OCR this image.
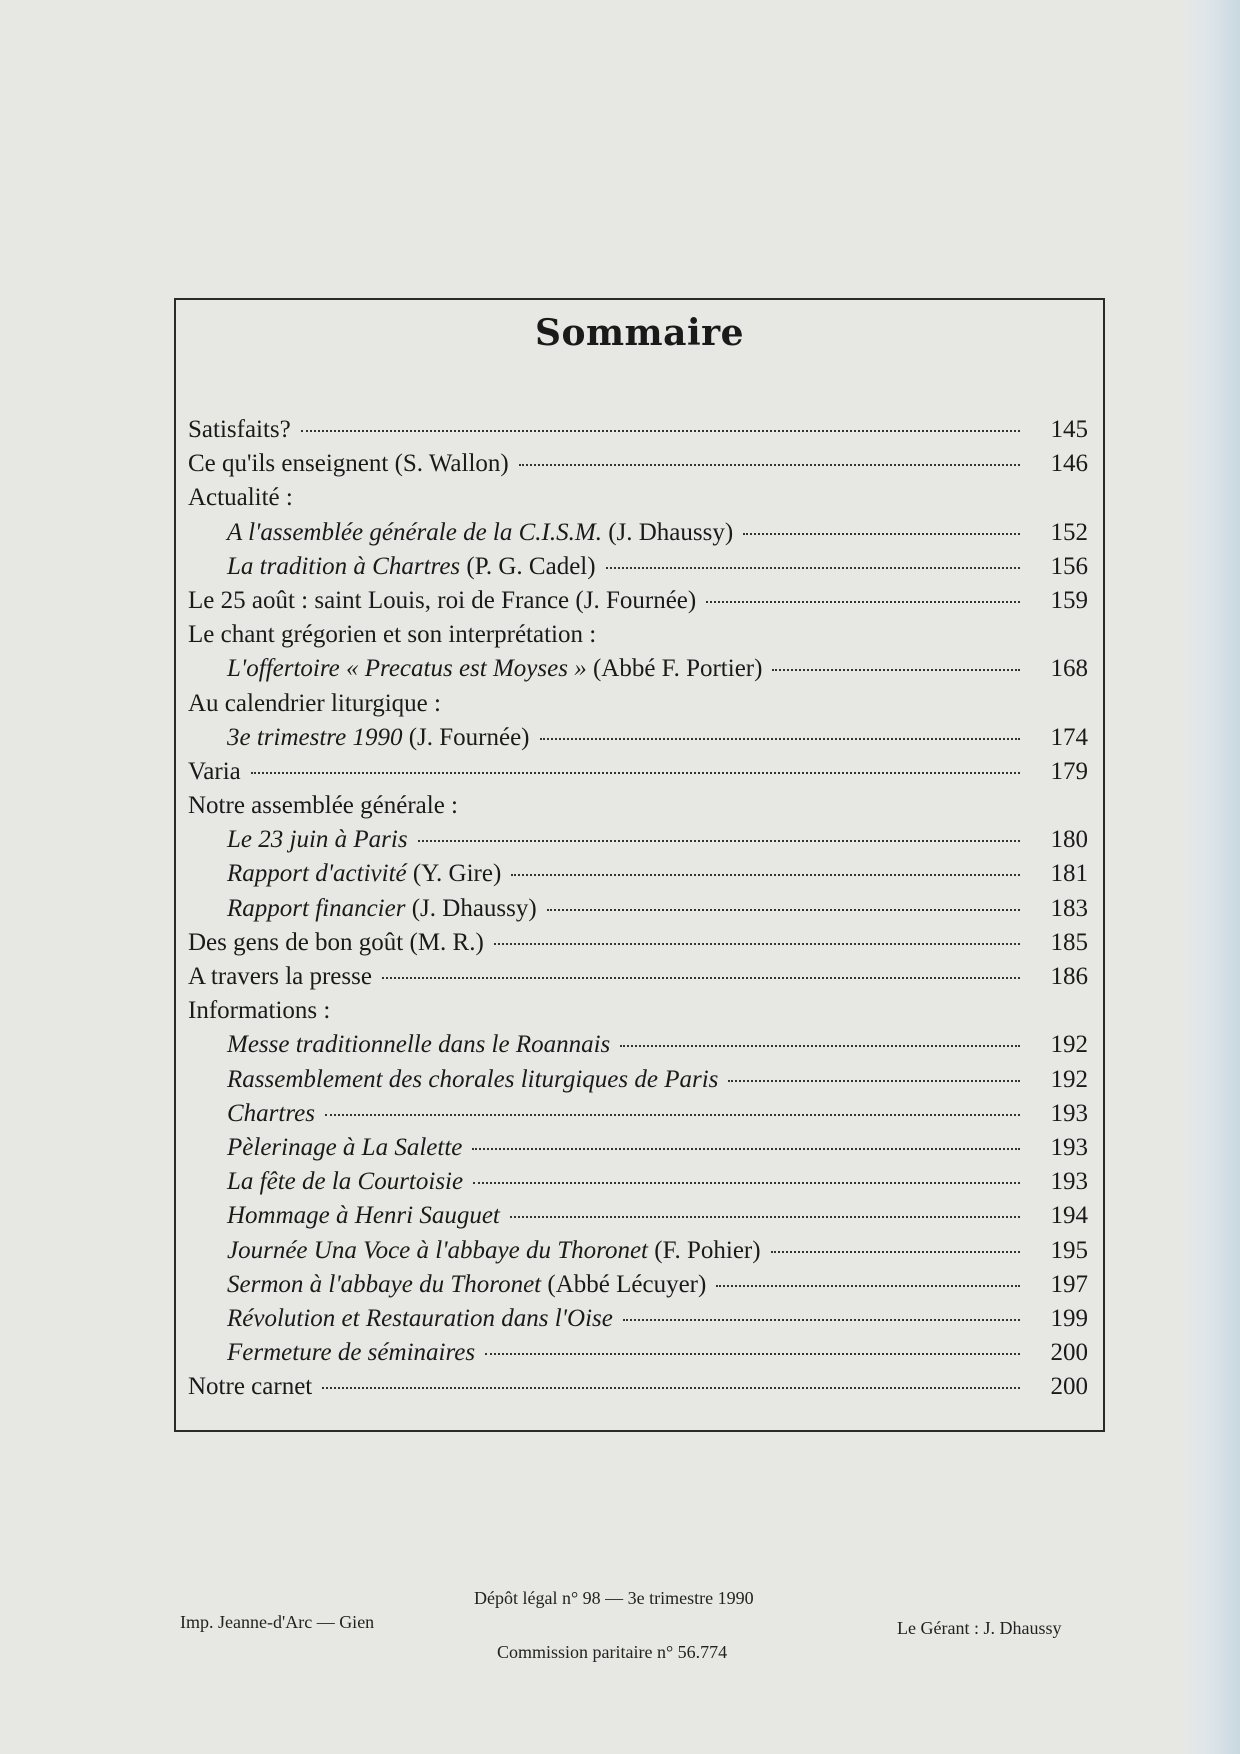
Sommaire
Satisfaits?	145
Ce qu'ils enseignent (S. Wallon)	146
Actualité :
A l'assemblée générale de la C.I.S.M. (J. Dhaussy)	152
La tradition à Chartres (P. G. Cadel)	156
Le 25 août : saint Louis, roi de France (J. Fournée)	159
Le chant grégorien et son interprétation :
L'offertoire « Precatus est Moyses » (Abbé F. Portier)	168
Au calendrier liturgique :
3e trimestre 1990 (J. Fournée)	174
Varia	179
Notre assemblée générale :
Le 23 juin à Paris	180
Rapport d'activité (Y. Gire)	181
Rapport financier (J. Dhaussy)	183
Des gens de bon goût (M. R.)	185
A travers la presse	186
Informations :
Messe traditionnelle dans le Roannais	192
Rassemblement des chorales liturgiques de Paris	192
Chartres	193
Pèlerinage à La Salette	193
La fête de la Courtoisie	193
Hommage à Henri Sauguet	194
Journée Una Voce à l'abbaye du Thoronet (F. Pohier)	195
Sermon à l'abbaye du Thoronet (Abbé Lécuyer)	197
Révolution et Restauration dans l'Oise	199
Fermeture de séminaires	200
Notre carnet	200
Imp. Jeanne-d'Arc — Gien
Dépôt légal n° 98 — 3e trimestre 1990
Commission paritaire n° 56.774
Le Gérant : J. Dhaussy
